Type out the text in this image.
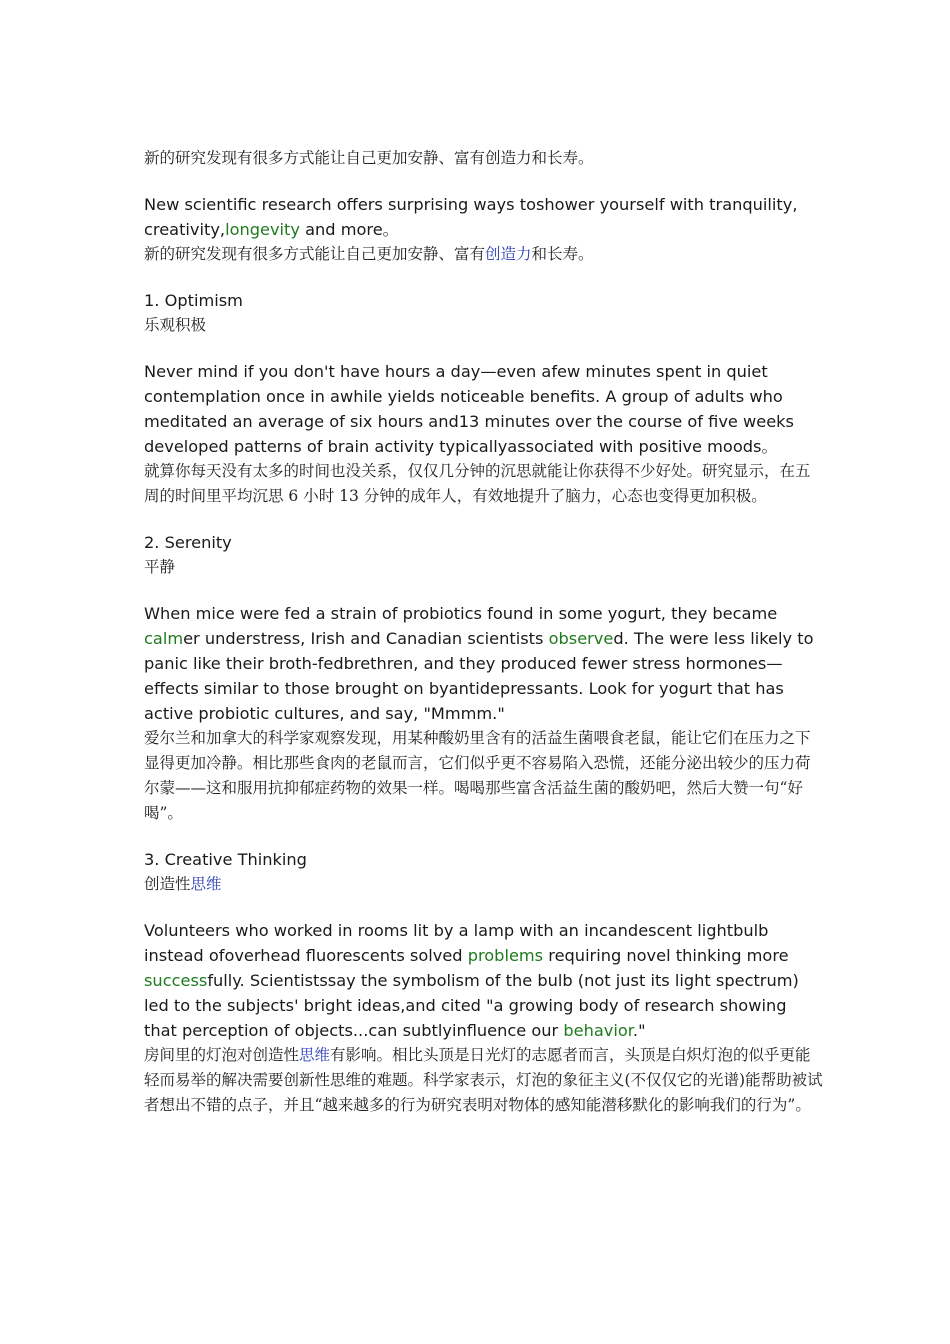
新的研究发现有很多方式能让自己更加安静、富有创造力和长寿。

New scientific research offers surprising ways toshower yourself with tranquility, creativity,longevity and more。

新的研究发现有很多方式能让自己更加安静、富有创造力和长寿。

1. Optimism

乐观积极

Never mind if you don't have hours a day—even afew minutes spent in quiet contemplation once in awhile yields noticeable benefits. A group of adults who meditated an average of six hours and13 minutes over the course of five weeks developed patterns of brain activity typicallyassociated with positive moods。

就算你每天没有太多的时间也没关系，仅仅几分钟的沉思就能让你获得不少好处。研究显示，在五周的时间里平均沉思 6 小时 13 分钟的成年人，有效地提升了脑力，心态也变得更加积极。

2. Serenity

平静

When mice were fed a strain of probiotics found in some yogurt, they became calmer understress, Irish and Canadian scientists observed. The were less likely to panic like their broth-fedbrethren, and they produced fewer stress hormones—effects similar to those brought on byantidepressants. Look for yogurt that has active probiotic cultures, and say, "Mmmm."

爱尔兰和加拿大的科学家观察发现，用某种酸奶里含有的活益生菌喂食老鼠，能让它们在压力之下显得更加冷静。相比那些食肉的老鼠而言，它们似乎更不容易陷入恐慌，还能分泌出较少的压力荷尔蒙——这和服用抗抑郁症药物的效果一样。喝喝那些富含活益生菌的酸奶吧，然后大赞一句“好喝”。

3. Creative Thinking

创造性思维

Volunteers who worked in rooms lit by a lamp with an incandescent lightbulb instead ofoverhead fluorescents solved problems requiring novel thinking more successfully. Scientistssay the symbolism of the bulb (not just its light spectrum) led to the subjects' bright ideas,and cited "a growing body of research showing that perception of objects...can subtlyinfluence our behavior."

房间里的灯泡对创造性思维有影响。相比头顶是日光灯的志愿者而言，头顶是白炽灯泡的似乎更能轻而易举的解决需要创新性思维的难题。科学家表示，灯泡的象征主义(不仅仅它的光谱)能帮助被试者想出不错的点子，并且“越来越多的行为研究表明对物体的感知能潜移默化的影响我们的行为”。
